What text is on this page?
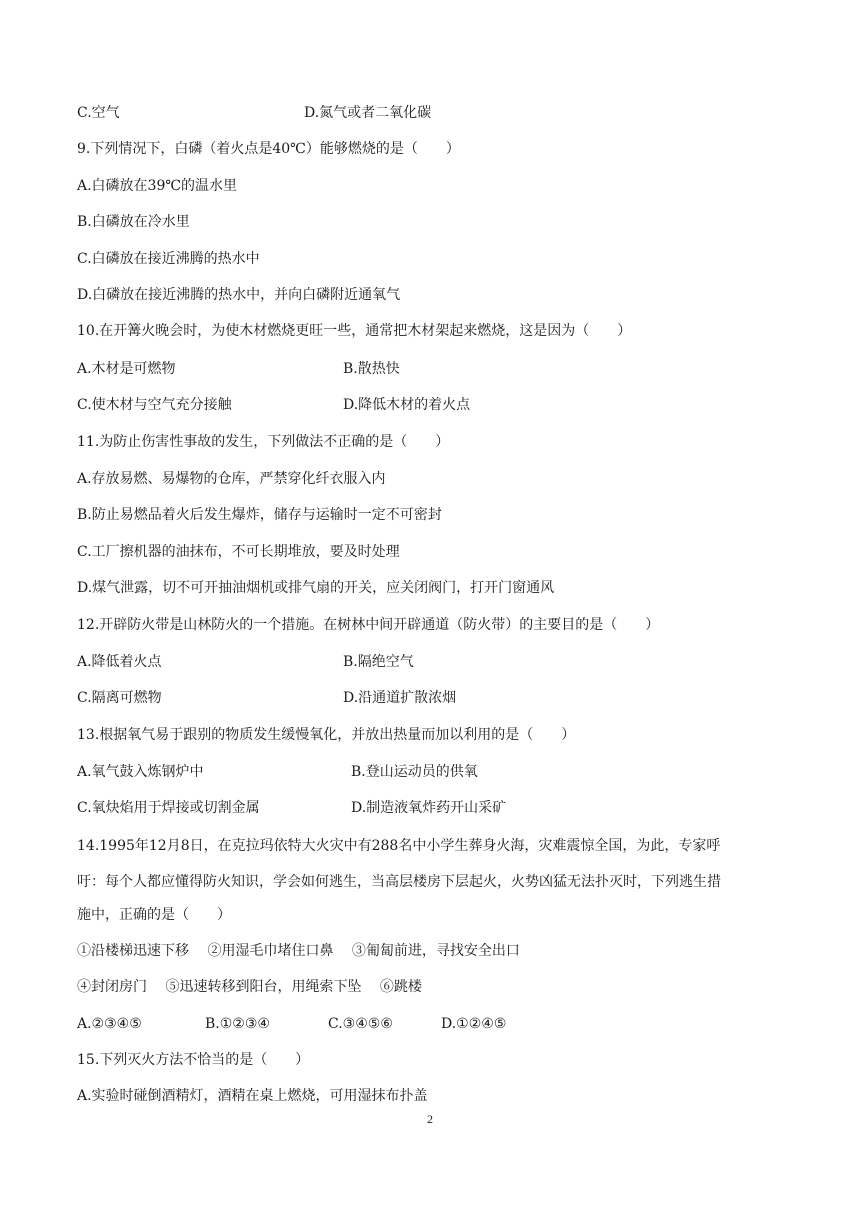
C.空气	D.氮气或者二氧化碳
9.下列情况下，白磷（着火点是40℃）能够燃烧的是（　　）
A.白磷放在39℃的温水里
B.白磷放在冷水里
C.白磷放在接近沸腾的热水中
D.白磷放在接近沸腾的热水中，并向白磷附近通氧气
10.在开篝火晚会时，为使木材燃烧更旺一些，通常把木材架起来燃烧，这是因为（　　）
A.木材是可燃物	B.散热快
C.使木材与空气充分接触	D.降低木材的着火点
11.为防止伤害性事故的发生，下列做法不正确的是（　　）
A.存放易燃、易爆物的仓库，严禁穿化纤衣服入内
B.防止易燃品着火后发生爆炸，储存与运输时一定不可密封
C.工厂擦机器的油抹布，不可长期堆放，要及时处理
D.煤气泄露，切不可开抽油烟机或排气扇的开关，应关闭阀门，打开门窗通风
12.开辟防火带是山林防火的一个措施。在树林中间开辟通道（防火带）的主要目的是（　　）
A.降低着火点	B.隔绝空气
C.隔离可燃物	D.沿通道扩散浓烟
13.根据氧气易于跟别的物质发生缓慢氧化，并放出热量而加以利用的是（　　）
A.氧气鼓入炼钢炉中	B.登山运动员的供氧
C.氧炔焰用于焊接或切割金属	D.制造液氧炸药开山采矿
14.1995年12月8日，在克拉玛依特大火灾中有288名中小学生葬身火海，灾难震惊全国，为此，专家呼
吁：每个人都应懂得防火知识，学会如何逃生，当高层楼房下层起火，火势凶猛无法扑灭时，下列逃生措
施中，正确的是（　　）
①沿楼梯迅速下移　 ②用湿毛巾堵住口鼻　 ③匍匐前进，寻找安全出口
④封闭房门　 ⑤迅速转移到阳台，用绳索下坠　 ⑥跳楼
A.②③④⑤	B.①②③④	C.③④⑤⑥	D.①②④⑤
15.下列灭火方法不恰当的是（　　）
A.实验时碰倒酒精灯，酒精在桌上燃烧，可用湿抹布扑盖
2
